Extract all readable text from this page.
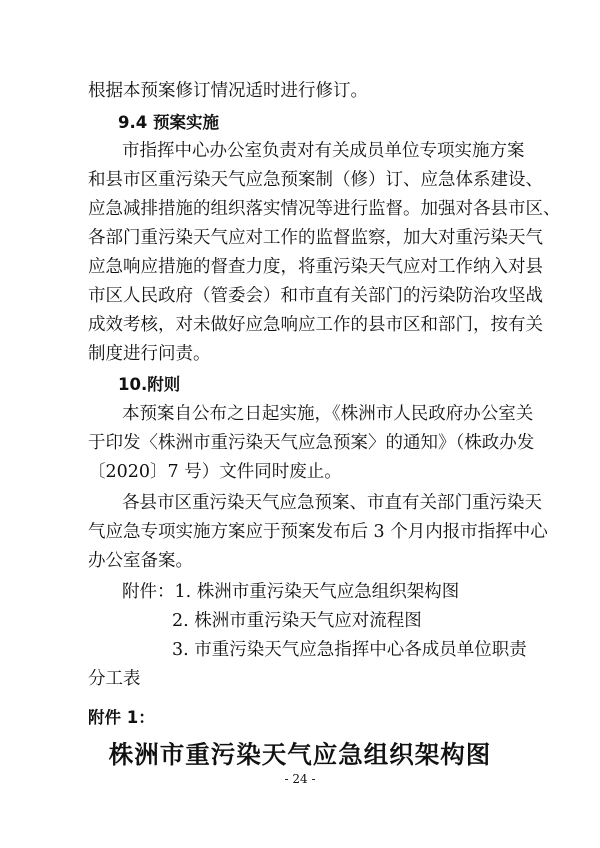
根据本预案修订情况适时进行修订。
9.4 预案实施
市指挥中心办公室负责对有关成员单位专项实施方案
和县市区重污染天气应急预案制（修）订、应急体系建设、
应急减排措施的组织落实情况等进行监督。加强对各县市区、
各部门重污染天气应对工作的监督监察，加大对重污染天气
应急响应措施的督查力度，将重污染天气应对工作纳入对县
市区人民政府（管委会）和市直有关部门的污染防治攻坚战
成效考核，对未做好应急响应工作的县市区和部门，按有关
制度进行问责。
10.附则
本预案自公布之日起实施，《株洲市人民政府办公室关
于印发〈株洲市重污染天气应急预案〉的通知》（株政办发
〔2020〕7 号）文件同时废止。
各县市区重污染天气应急预案、市直有关部门重污染天
气应急专项实施方案应于预案发布后 3 个月内报市指挥中心
办公室备案。
附件：1. 株洲市重污染天气应急组织架构图
2. 株洲市重污染天气应对流程图
3. 市重污染天气应急指挥中心各成员单位职责
分工表
附件 1：
株洲市重污染天气应急组织架构图
- 24 -
